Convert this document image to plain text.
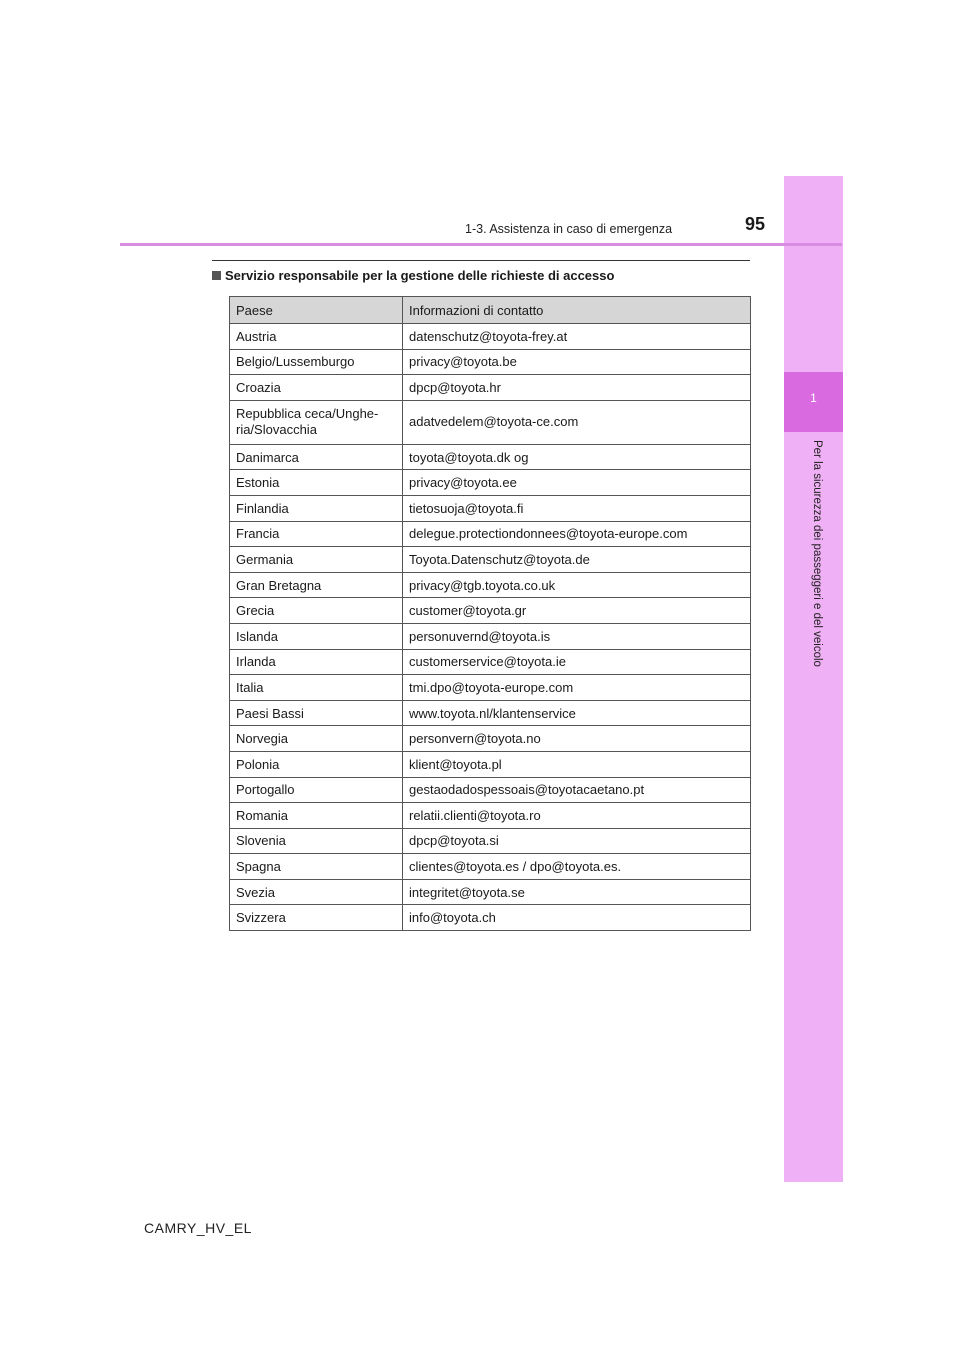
1
Per la sicurezza dei passeggeri e del veicolo
1-3. Assistenza in caso di emergenza	95
Servizio responsabile per la gestione delle richieste di accesso
Paese	Informazioni di contatto
Austria	datenschutz@toyota-frey.at
Belgio/Lussemburgo	privacy@toyota.be
Croazia	dpcp@toyota.hr

Repubblica ceca/Unghe-
ria/Slovacchia	adatvedelem@toyota-ce.com
Danimarca	toyota@toyota.dk og
Estonia	privacy@toyota.ee
Finlandia	tietosuoja@toyota.fi
Francia	delegue.protectiondonnees@toyota-europe.com
Germania	Toyota.Datenschutz@toyota.de
Gran Bretagna	privacy@tgb.toyota.co.uk
Grecia	customer@toyota.gr
Islanda	personuvernd@toyota.is
Irlanda	customerservice@toyota.ie
Italia	tmi.dpo@toyota-europe.com
Paesi Bassi	www.toyota.nl/klantenservice
Norvegia	personvern@toyota.no
Polonia	klient@toyota.pl
Portogallo	gestaodadospessoais@toyotacaetano.pt
Romania	relatii.clienti@toyota.ro
Slovenia	dpcp@toyota.si
Spagna	clientes@toyota.es / dpo@toyota.es.
Svezia	integritet@toyota.se
Svizzera	info@toyota.ch
CAMRY_HV_EL
